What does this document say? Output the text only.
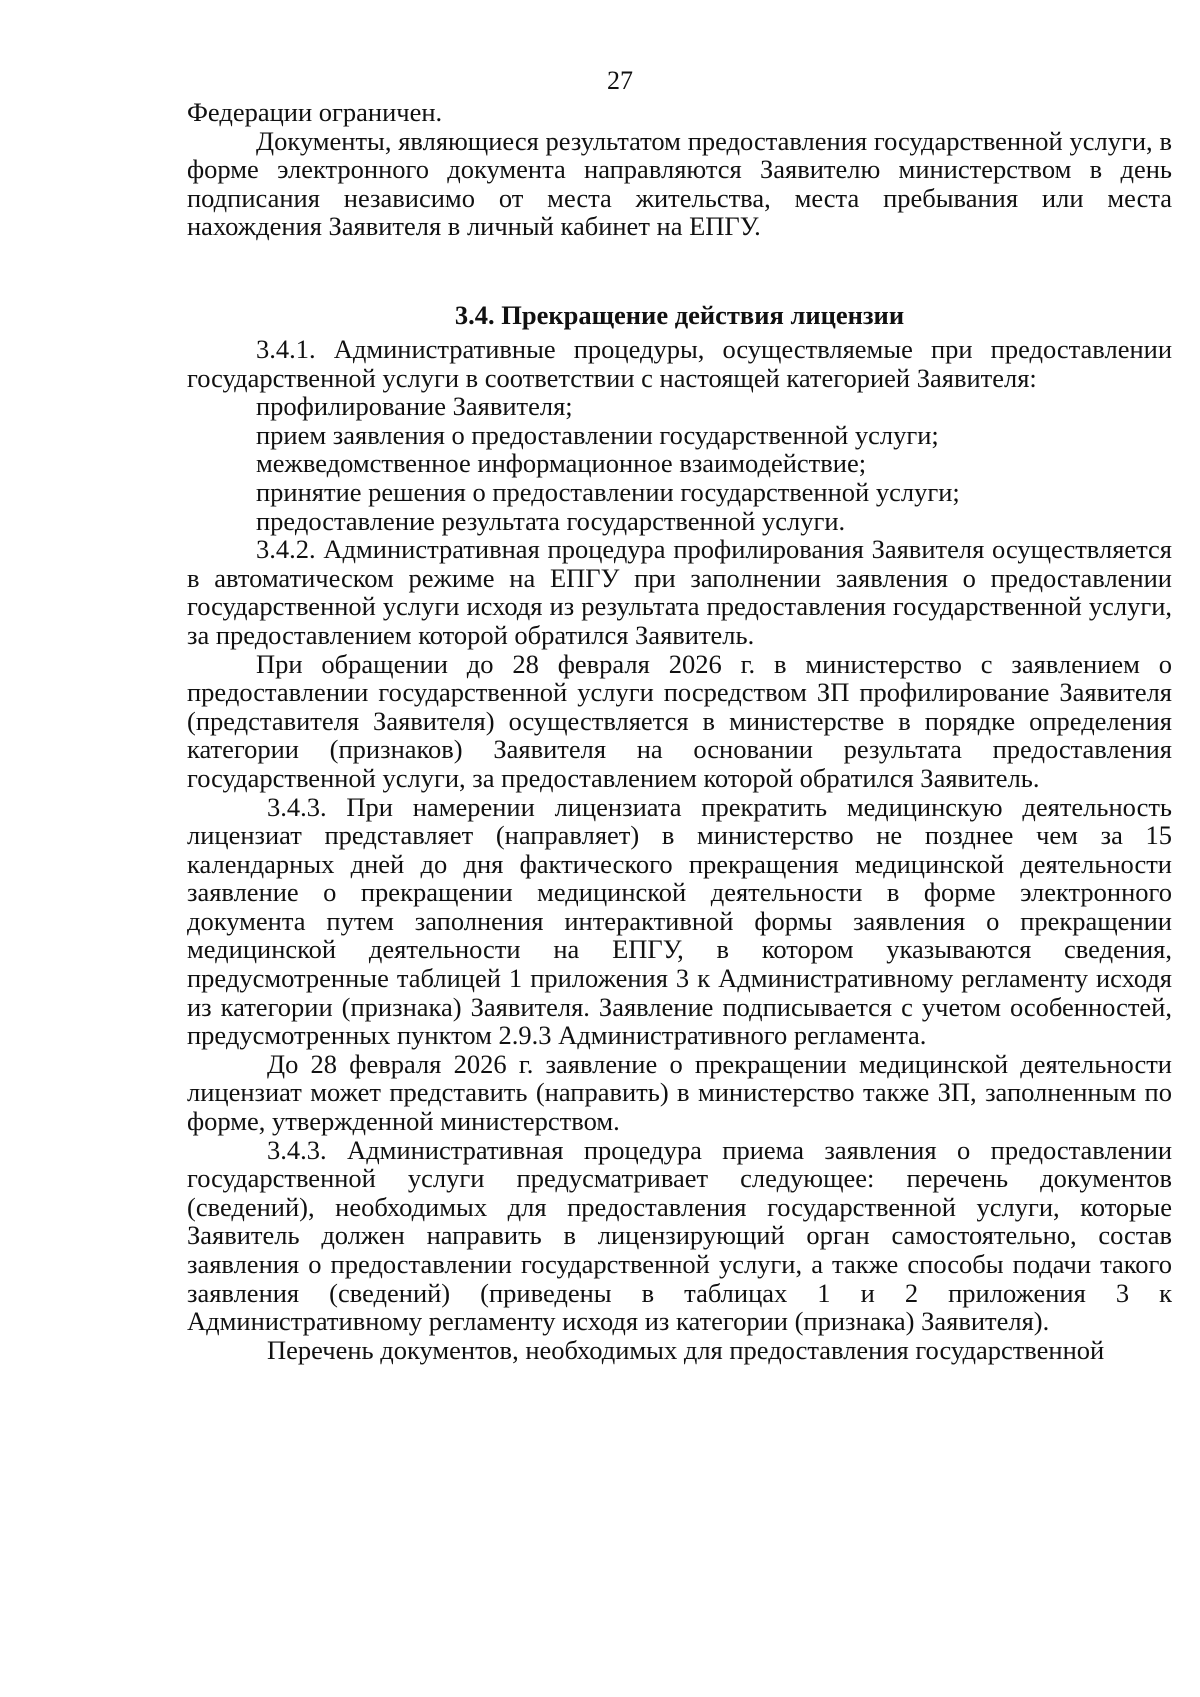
27

Федерации ограничен.

Документы, являющиеся результатом предоставления государственной услуги, в форме электронного документа направляются Заявителю министерством в день подписания независимо от места жительства, места пребывания или места нахождения Заявителя в личный кабинет на ЕПГУ.

3.4. Прекращение действия лицензии

3.4.1. Административные процедуры, осуществляемые при предоставлении государственной услуги в соответствии с настоящей категорией Заявителя:

профилирование Заявителя;

прием заявления о предоставлении государственной услуги;

межведомственное информационное взаимодействие;

принятие решения о предоставлении государственной услуги;

предоставление результата государственной услуги.

3.4.2. Административная процедура профилирования Заявителя осуществляется в автоматическом режиме на ЕПГУ при заполнении заявления о предоставлении государственной услуги исходя из результата предоставления государственной услуги, за предоставлением которой обратился Заявитель.

При обращении до 28 февраля 2026 г. в министерство с заявлением о предоставлении государственной услуги посредством ЗП профилирование Заявителя (представителя Заявителя) осуществляется в министерстве в порядке определения категории (признаков) Заявителя на основании результата предоставления государственной услуги, за предоставлением которой обратился Заявитель.

3.4.3. При намерении лицензиата прекратить медицинскую деятельность лицензиат представляет (направляет) в министерство не позднее чем за 15 календарных дней до дня фактического прекращения медицинской деятельности заявление о прекращении медицинской деятельности в форме электронного документа путем заполнения интерактивной формы заявления о прекращении медицинской деятельности на ЕПГУ, в котором указываются сведения, предусмотренные таблицей 1 приложения 3 к Административному регламенту исходя из категории (признака) Заявителя. Заявление подписывается с учетом особенностей, предусмотренных пунктом 2.9.3 Административного регламента.

До 28 февраля 2026 г. заявление о прекращении медицинской деятельности лицензиат может представить (направить) в министерство также ЗП, заполненным по форме, утвержденной министерством.

3.4.3. Административная процедура приема заявления о предоставлении государственной услуги предусматривает следующее: перечень документов (сведений), необходимых для предоставления государственной услуги, которые Заявитель должен направить в лицензирующий орган самостоятельно, состав заявления о предоставлении государственной услуги, а также способы подачи такого заявления (сведений) (приведены в таблицах 1 и 2 приложения 3 к Административному регламенту исходя из категории (признака) Заявителя).

Перечень документов, необходимых для предоставления государственной
